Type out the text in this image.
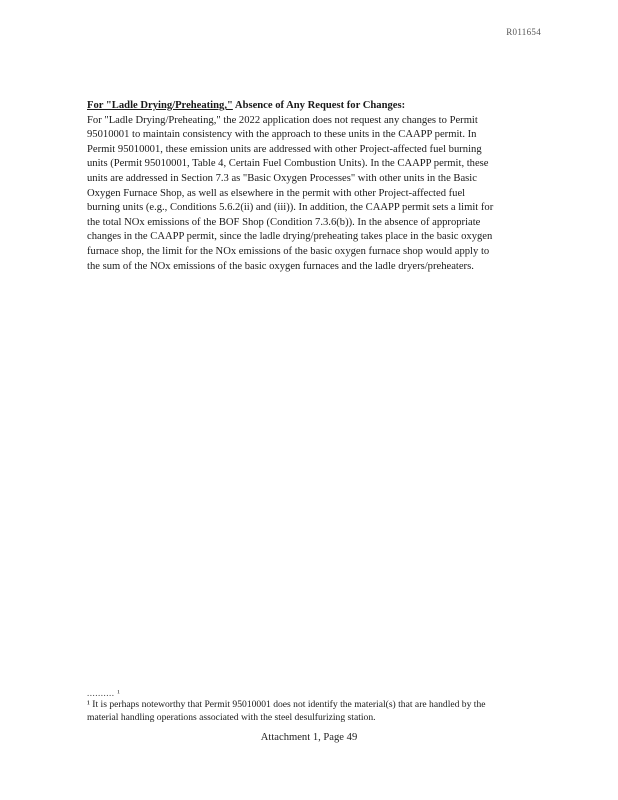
R011654
For "Ladle Drying/Preheating," Absence of Any Request for Changes:
For "Ladle Drying/Preheating," the 2022 application does not request any changes to Permit
95010001 to maintain consistency with the approach to these units in the CAAPP permit. In
Permit 95010001, these emission units are addressed with other Project-affected fuel burning
units (Permit 95010001, Table 4, Certain Fuel Combustion Units). In the CAAPP permit, these
units are addressed in Section 7.3 as "Basic Oxygen Processes" with other units in the Basic
Oxygen Furnace Shop, as well as elsewhere in the permit with other Project-affected fuel
burning units (e.g., Conditions 5.6.2(ii) and (iii)). In addition, the CAAPP permit sets a limit for
the total NOx emissions of the BOF Shop (Condition 7.3.6(b)). In the absence of appropriate
changes in the CAAPP permit, since the ladle drying/preheating takes place in the basic oxygen
furnace shop, the limit for the NOx emissions of the basic oxygen furnace shop would apply to
the sum of the NOx emissions of the basic oxygen furnaces and the ladle dryers/preheaters.
.......... ¹
¹ It is perhaps noteworthy that Permit 95010001 does not identify the material(s) that are handled by the
material handling operations associated with the steel desulfurizing station.
Attachment 1, Page 49
